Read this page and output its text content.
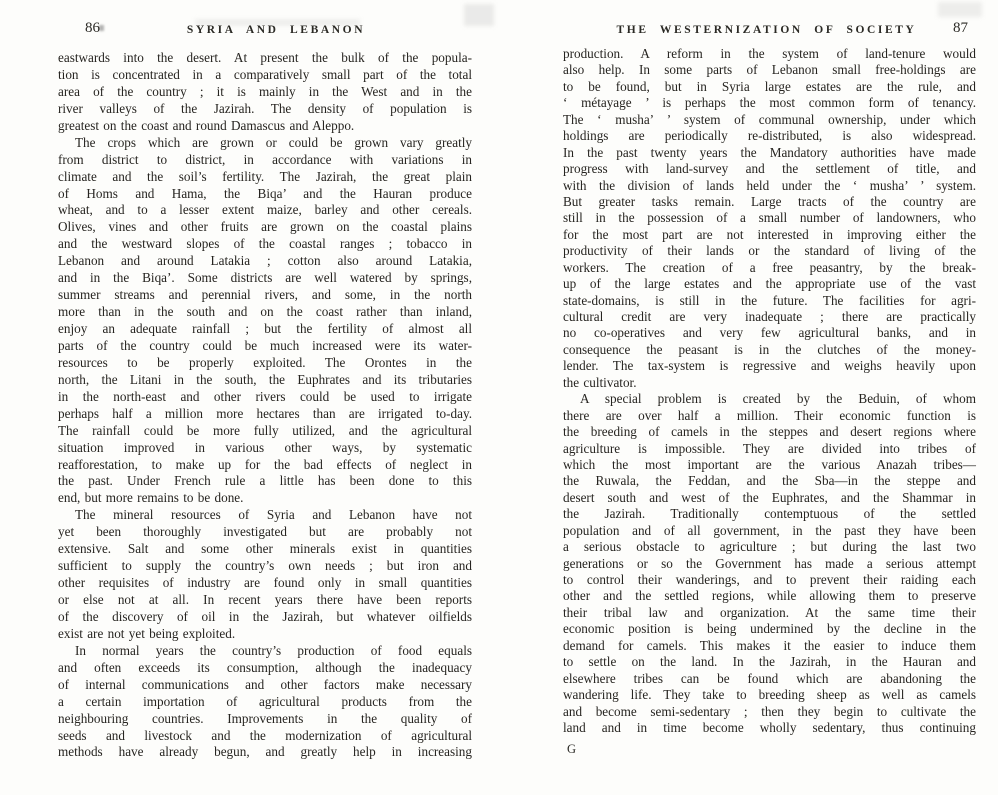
86	SYRIA AND LEBANON
eastwards into the desert. At present the bulk of the popula-
tion is concentrated in a comparatively small part of the total
area of the country ; it is mainly in the West and in the
river valleys of the Jazirah. The density of population is
greatest on the coast and round Damascus and Aleppo.
The crops which are grown or could be grown vary greatly
from district to district, in accordance with variations in
climate and the soil’s fertility. The Jazirah, the great plain
of Homs and Hama, the Biqa’ and the Hauran produce
wheat, and to a lesser extent maize, barley and other cereals.
Olives, vines and other fruits are grown on the coastal plains
and the westward slopes of the coastal ranges ; tobacco in
Lebanon and around Latakia ; cotton also around Latakia,
and in the Biqa’. Some districts are well watered by springs,
summer streams and perennial rivers, and some, in the north
more than in the south and on the coast rather than inland,
enjoy an adequate rainfall ; but the fertility of almost all
parts of the country could be much increased were its water-
resources to be properly exploited. The Orontes in the
north, the Litani in the south, the Euphrates and its tributaries
in the north-east and other rivers could be used to irrigate
perhaps half a million more hectares than are irrigated to-day.
The rainfall could be more fully utilized, and the agricultural
situation improved in various other ways, by systematic
reafforestation, to make up for the bad effects of neglect in
the past. Under French rule a little has been done to this
end, but more remains to be done.
The mineral resources of Syria and Lebanon have not
yet been thoroughly investigated but are probably not
extensive. Salt and some other minerals exist in quantities
sufficient to supply the country’s own needs ; but iron and
other requisites of industry are found only in small quantities
or else not at all. In recent years there have been reports
of the discovery of oil in the Jazirah, but whatever oilfields
exist are not yet being exploited.
In normal years the country’s production of food equals
and often exceeds its consumption, although the inadequacy
of internal communications and other factors make necessary
a certain importation of agricultural products from the
neighbouring countries. Improvements in the quality of
seeds and livestock and the modernization of agricultural
methods have already begun, and greatly help in increasing
THE WESTERNIZATION OF SOCIETY	87
production. A reform in the system of land-tenure would
also help. In some parts of Lebanon small free-holdings are
to be found, but in Syria large estates are the rule, and
‘ métayage ’ is perhaps the most common form of tenancy.
The ‘ musha’ ’ system of communal ownership, under which
holdings are periodically re-distributed, is also widespread.
In the past twenty years the Mandatory authorities have made
progress with land-survey and the settlement of title, and
with the division of lands held under the ‘ musha’ ’ system.
But greater tasks remain. Large tracts of the country are
still in the possession of a small number of landowners, who
for the most part are not interested in improving either the
productivity of their lands or the standard of living of the
workers. The creation of a free peasantry, by the break-
up of the large estates and the appropriate use of the vast
state-domains, is still in the future. The facilities for agri-
cultural credit are very inadequate ; there are practically
no co-operatives and very few agricultural banks, and in
consequence the peasant is in the clutches of the money-
lender. The tax-system is regressive and weighs heavily upon
the cultivator.
A special problem is created by the Beduin, of whom
there are over half a million. Their economic function is
the breeding of camels in the steppes and desert regions where
agriculture is impossible. They are divided into tribes of
which the most important are the various Anazah tribes—
the Ruwala, the Feddan, and the Sba—in the steppe and
desert south and west of the Euphrates, and the Shammar in
the Jazirah. Traditionally contemptuous of the settled
population and of all government, in the past they have been
a serious obstacle to agriculture ; but during the last two
generations or so the Government has made a serious attempt
to control their wanderings, and to prevent their raiding each
other and the settled regions, while allowing them to preserve
their tribal law and organization. At the same time their
economic position is being undermined by the decline in the
demand for camels. This makes it the easier to induce them
to settle on the land. In the Jazirah, in the Hauran and
elsewhere tribes can be found which are abandoning the
wandering life. They take to breeding sheep as well as camels
and become semi-sedentary ; then they begin to cultivate the
land and in time become wholly sedentary, thus continuing
G
